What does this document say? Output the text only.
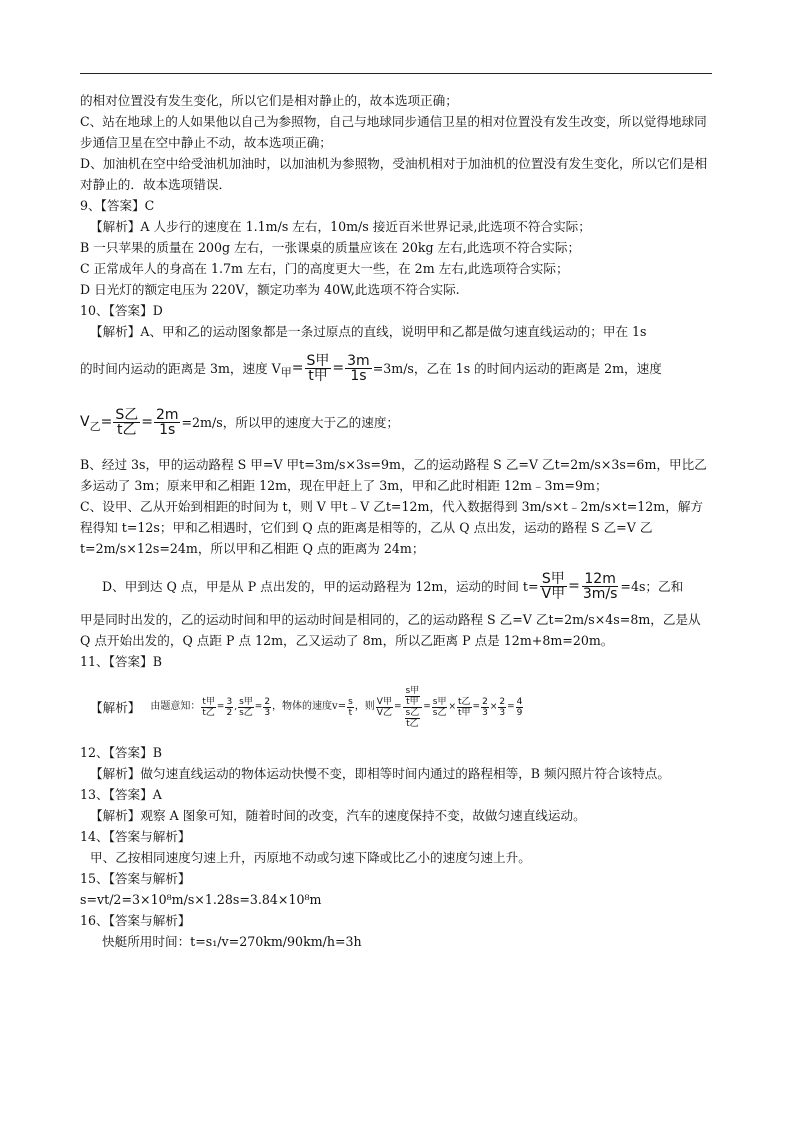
的相对位置没有发生变化，所以它们是相对静止的，故本选项正确；

C、站在地球上的人如果他以自己为参照物，自己与地球同步通信卫星的相对位置没有发生改变，所以觉得地球同步通信卫星在空中静止不动，故本选项正确；

D、加油机在空中给受油机加油时，以加油机为参照物，受油机相对于加油机的位置没有发生变化，所以它们是相对静止的．故本选项错误．

9、【答案】C

【解析】A 人步行的速度在 1.1m/s 左右，10m/s 接近百米世界记录,此选项不符合实际；

B 一只苹果的质量在 200g 左右，一张课桌的质量应该在 20kg 左右,此选项不符合实际；

C 正常成年人的身高在 1.7m 左右，门的高度更大一些，在 2m 左右,此选项符合实际；

D 日光灯的额定电压为 220V，额定功率为 40W,此选项不符合实际.

10、【答案】D

【解析】A、甲和乙的运动图象都是一条过原点的直线，说明甲和乙都是做匀速直线运动的；甲在 1s

的时间内运动的距离是 3m，速度 V 甲 = $\frac{\text{S甲}}{\text{t甲}} = \frac{3m}{1s} =3m/s$，乙在 1s 的时间内运动的距离是 2m，速度
V 乙 = $\frac{\text{S乙}}{\text{t乙}} = \frac{2m}{1s} =2m/s$，所以甲的速度大于乙的速度；

B、经过 3s，甲的运动路程 S 甲=V 甲t=3m/s×3s=9m，乙的运动路程 S 乙=V 乙t=2m/s×3s=6m，甲比乙多运动了 3m；原来甲和乙相距 12m，现在甲赶上了 3m，甲和乙此时相距 12m﹣3m=9m；

C、设甲、乙从开始到相距的时间为 t，则 V 甲t﹣V 乙t=12m，代入数据得到 3m/s×t﹣2m/s×t=12m，解方程得知 t=12s；甲和乙相遇时，它们到 Q 点的距离是相等的，乙从 Q 点出发，运动的路程 S 乙=V 乙t=2m/s×12s=24m，所以甲和乙相距 Q 点的距离为 24m；

D、甲到达 Q 点，甲是从 P 点出发的，甲的运动路程为 12m，运动的时间 $t= \frac{\text{S甲}}{\text{V甲}} = \frac{12m}{3m/s} =4s$；乙和

甲是同时出发的，乙的运动时间和甲的运动时间是相同的，乙的运动路程 S 乙=V 乙t=2m/s×4s=8m，乙是从 Q 点开始出发的，Q 点距 P 点 12m，乙又运动了 8m，所以乙距离 P 点是 12m+8m=20m。

11、【答案】B

【解析】 由题意知： $\frac{\text{t甲}}{\text{t乙}} = \frac{3}{2}$ , $\frac{\text{s甲}}{\text{s乙}} = \frac{2}{3}$ ，物体的速度$v= \frac{s}{t}$ ，则 $\frac{\text{V甲}}{\text{V乙}} = \frac{\frac{\text{s甲}}{\text{t甲}}}{\frac{\text{s乙}}{\text{t乙}}} = \frac{\text{s甲}}{\text{s乙}} \times \frac{\text{t乙}}{\text{t甲}} = \frac{2}{3} \times \frac{2}{3} = \frac{4}{9}$

12、【答案】B

【解析】做匀速直线运动的物体运动快慢不变，即相等时间内通过的路程相等，B 频闪照片符合该特点。

13、【答案】A

【解析】观察 A 图象可知，随着时间的改变，汽车的速度保持不变，故做匀速直线运动。

14、【答案与解析】

甲、乙按相同速度匀速上升，丙原地不动或匀速下降或比乙小的速度匀速上升。

15、【答案与解析】

s=vt/2=3×10⁸m/s×1.28s=3.84×10⁸m

16、【答案与解析】

快艇所用时间：t=s₁/v=270km/90km/h=3h
